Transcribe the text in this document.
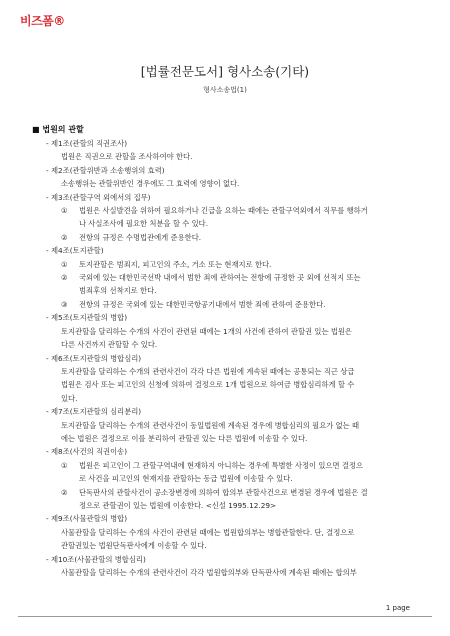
비즈폼®
[법률전문도서] 형사소송(기타)
형사소송법(1)
■ 법원의 관할
- 제1조(관할의 직권조사)
법원은 직권으로 관할을 조사하여야 한다.
- 제2조(관할위반과 소송행위의 효력)
소송행위는 관할위반인 경우에도 그 효력에 영향이 없다.
- 제3조(관할구역 외에서의 집무)
① 법원은 사실발견을 위하여 필요하거나 긴급을 요하는 때에는 관할구역외에서 직무를 행하거
나 사실조사에 필요한 처분을 할 수 있다.
② 전항의 규정은 수명법관에게 준용한다.
- 제4조(토지관할)
① 토지관할은 범죄지, 피고인의 주소, 거소 또는 현재지로 한다.
② 국외에 있는 대한민국선박 내에서 범한 죄에 관하여는 전항에 규정한 곳 외에 선적지 또는
범죄후의 선착지로 한다.
③ 전항의 규정은 국외에 있는 대한민국항공기내에서 범한 죄에 관하여 준용한다.
- 제5조(토지관할의 병합)
토지관할을 달리하는 수개의 사건이 관련된 때에는 1개의 사건에 관하여 관할권 있는 법원은
다른 사건까지 관할할 수 있다.
- 제6조(토지관할의 병합심리)
토지관할을 달리하는 수개의 관련사건이 각각 다른 법원에 계속된 때에는 공통되는 직근 상급
법원은 검사 또는 피고인의 신청에 의하여 결정으로 1개 법원으로 하여금 병합심리하게 할 수
있다.
- 제7조(토지관할의 심리분리)
토지관할을 달리하는 수개의 관련사건이 동일법원에 계속된 경우에 병합심리의 필요가 없는 때
에는 법원은 결정으로 이를 분리하여 관할권 있는 다른 법원에 이송할 수 있다.
- 제8조(사건의 직권이송)
① 법원은 피고인이 그 관할구역내에 현재하지 아니하는 경우에 특별한 사정이 있으면 결정으
로 사건을 피고인의 현재지를 관할하는 동급 법원에 이송할 수 있다.
② 단독판사의 관할사건이 공소장변경에 의하여 합의부 관할사건으로 변경된 경우에 법원은 결
정으로 관할권이 있는 법원에 이송한다. <신설 1995.12.29>
- 제9조(사물관할의 병합)
사물관할을 달리하는 수개의 사건이 관련된 때에는 법원합의부는 병합관할한다. 단, 결정으로
관할권있는 법원단독판사에게 이송할 수 있다.
- 제10조(사물관할의 병합심리)
사물관할을 달리하는 수개의 관련사건이 각각 법원합의부와 단독판사에 계속된 때에는 합의부
1 page
